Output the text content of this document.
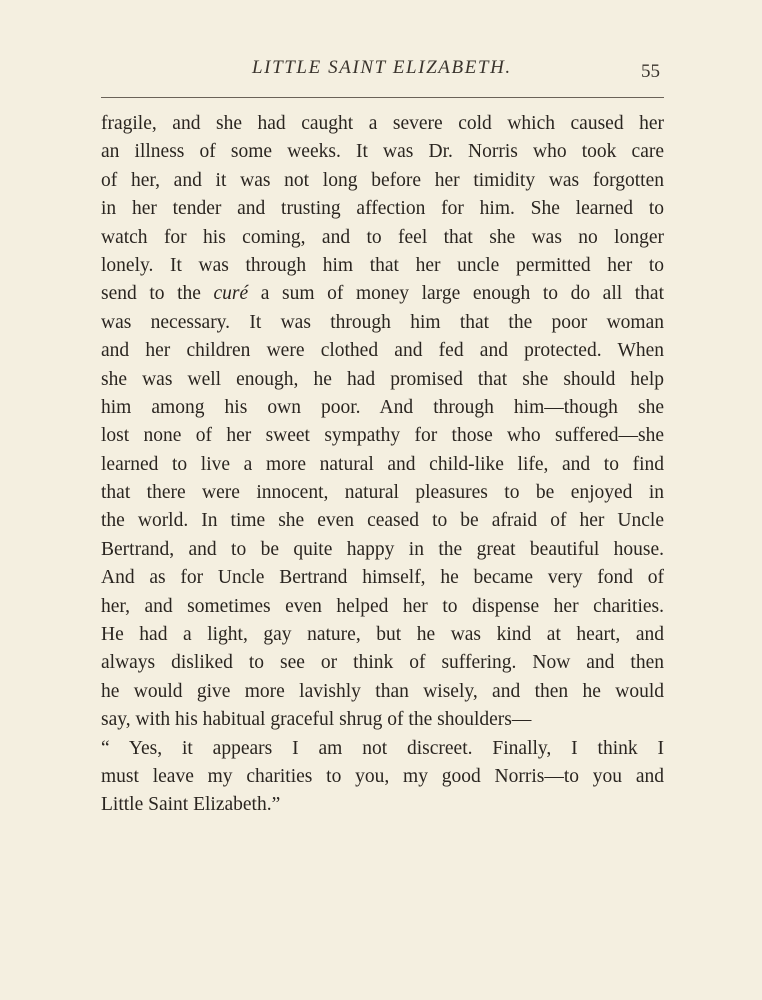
LITTLE SAINT ELIZABETH.	55
fragile, and she had caught a severe cold which caused her
an illness of some weeks. It was Dr. Norris who took care
of her, and it was not long before her timidity was forgotten
in her tender and trusting affection for him. She learned to
watch for his coming, and to feel that she was no longer
lonely. It was through him that her uncle permitted her to
send to the curé a sum of money large enough to do all that
was necessary. It was through him that the poor woman
and her children were clothed and fed and protected. When
she was well enough, he had promised that she should help
him among his own poor. And through him—though she
lost none of her sweet sympathy for those who suffered—she
learned to live a more natural and child-like life, and to find
that there were innocent, natural pleasures to be enjoyed in
the world. In time she even ceased to be afraid of her Uncle
Bertrand, and to be quite happy in the great beautiful house.
And as for Uncle Bertrand himself, he became very fond of
her, and sometimes even helped her to dispense her charities.
He had a light, gay nature, but he was kind at heart, and
always disliked to see or think of suffering. Now and then
he would give more lavishly than wisely, and then he would
say, with his habitual graceful shrug of the shoulders—
“ Yes, it appears I am not discreet. Finally, I think I
must leave my charities to you, my good Norris—to you and
Little Saint Elizabeth.”
